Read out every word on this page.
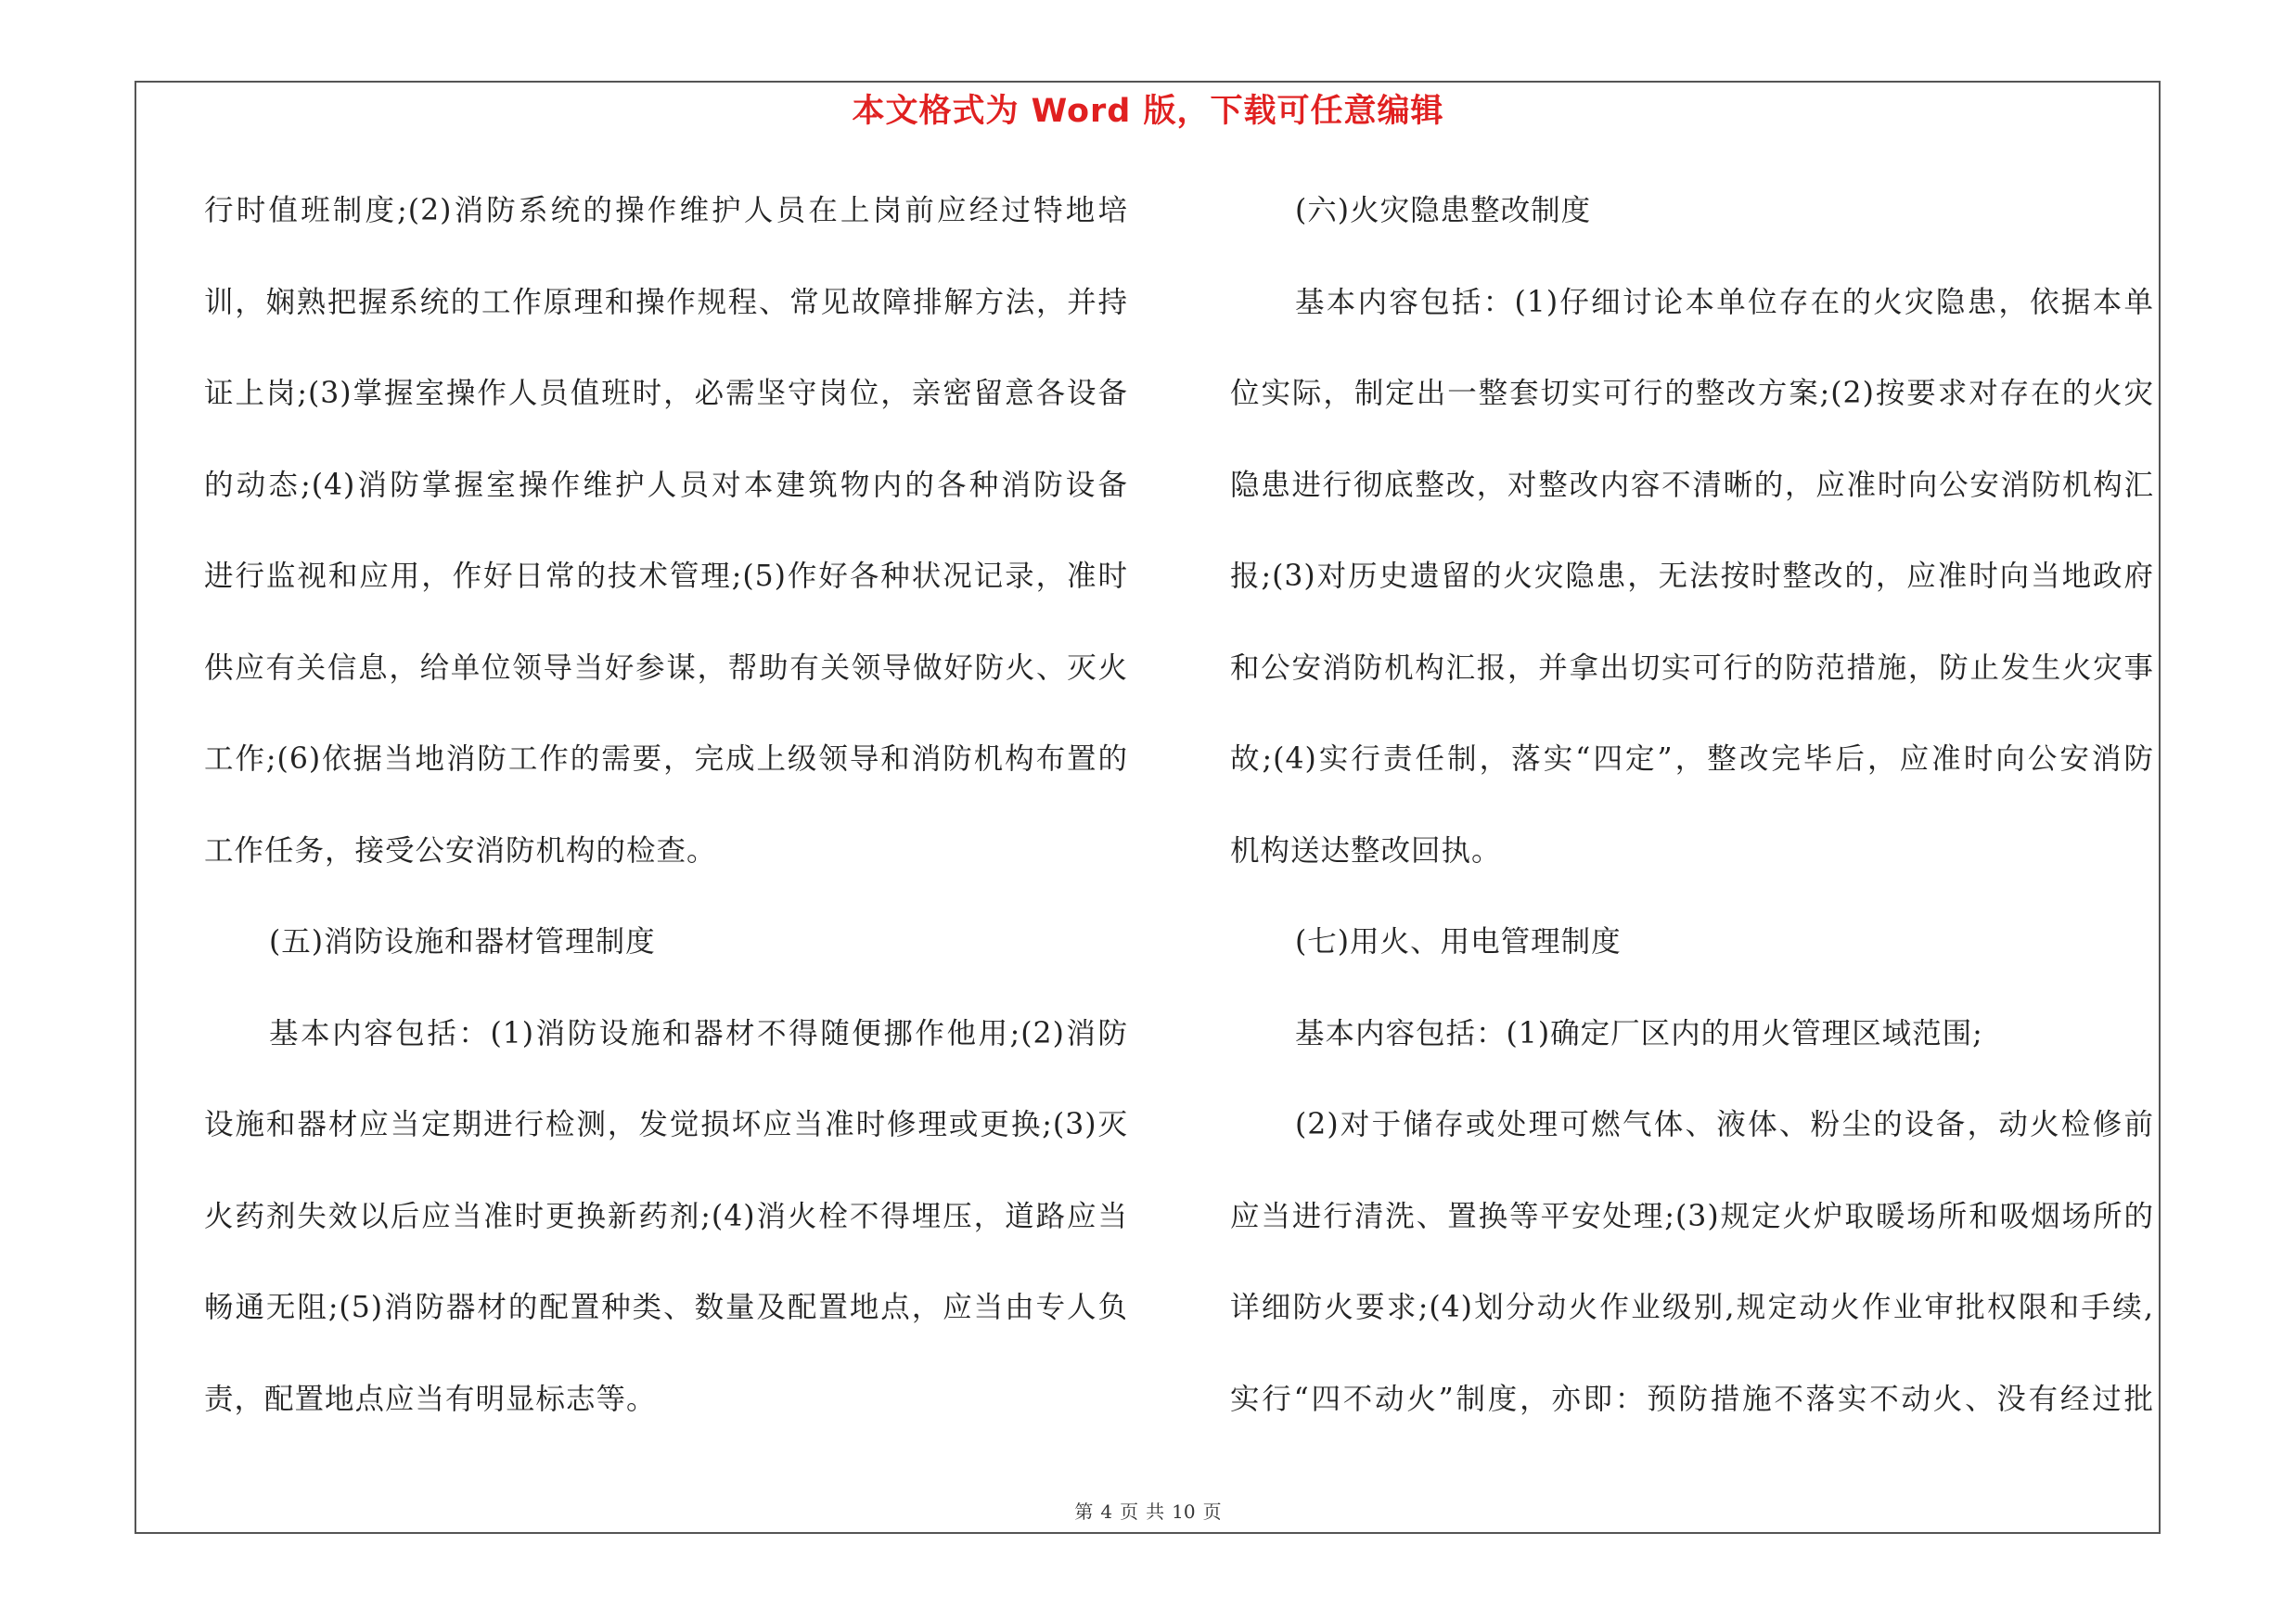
本文格式为 Word 版，下载可任意编辑
行时值班制度;(2)消防系统的操作维护人员在上岗前应经过特地培
训，娴熟把握系统的工作原理和操作规程、常见故障排解方法，并持
证上岗;(3)掌握室操作人员值班时，必需坚守岗位，亲密留意各设备
的动态;(4)消防掌握室操作维护人员对本建筑物内的各种消防设备
进行监视和应用，作好日常的技术管理;(5)作好各种状况记录，准时
供应有关信息，给单位领导当好参谋，帮助有关领导做好防火、灭火
工作;(6)依据当地消防工作的需要，完成上级领导和消防机构布置的
工作任务，接受公安消防机构的检查。
(五)消防设施和器材管理制度
基本内容包括：(1)消防设施和器材不得随便挪作他用;(2)消防
设施和器材应当定期进行检测，发觉损坏应当准时修理或更换;(3)灭
火药剂失效以后应当准时更换新药剂;(4)消火栓不得埋压，道路应当
畅通无阻;(5)消防器材的配置种类、数量及配置地点，应当由专人负
责，配置地点应当有明显标志等。
(六)火灾隐患整改制度
基本内容包括：(1)仔细讨论本单位存在的火灾隐患，依据本单
位实际，制定出一整套切实可行的整改方案;(2)按要求对存在的火灾
隐患进行彻底整改，对整改内容不清晰的，应准时向公安消防机构汇
报;(3)对历史遗留的火灾隐患，无法按时整改的，应准时向当地政府
和公安消防机构汇报，并拿出切实可行的防范措施，防止发生火灾事
故;(4)实行责任制，落实“四定”，整改完毕后，应准时向公安消防
机构送达整改回执。
(七)用火、用电管理制度
基本内容包括：(1)确定厂区内的用火管理区域范围;
(2)对于储存或处理可燃气体、液体、粉尘的设备，动火检修前
应当进行清洗、置换等平安处理;(3)规定火炉取暖场所和吸烟场所的
详细防火要求;(4)划分动火作业级别,规定动火作业审批权限和手续,
实行“四不动火”制度，亦即：预防措施不落实不动火、没有经过批
第 4 页 共 10 页
